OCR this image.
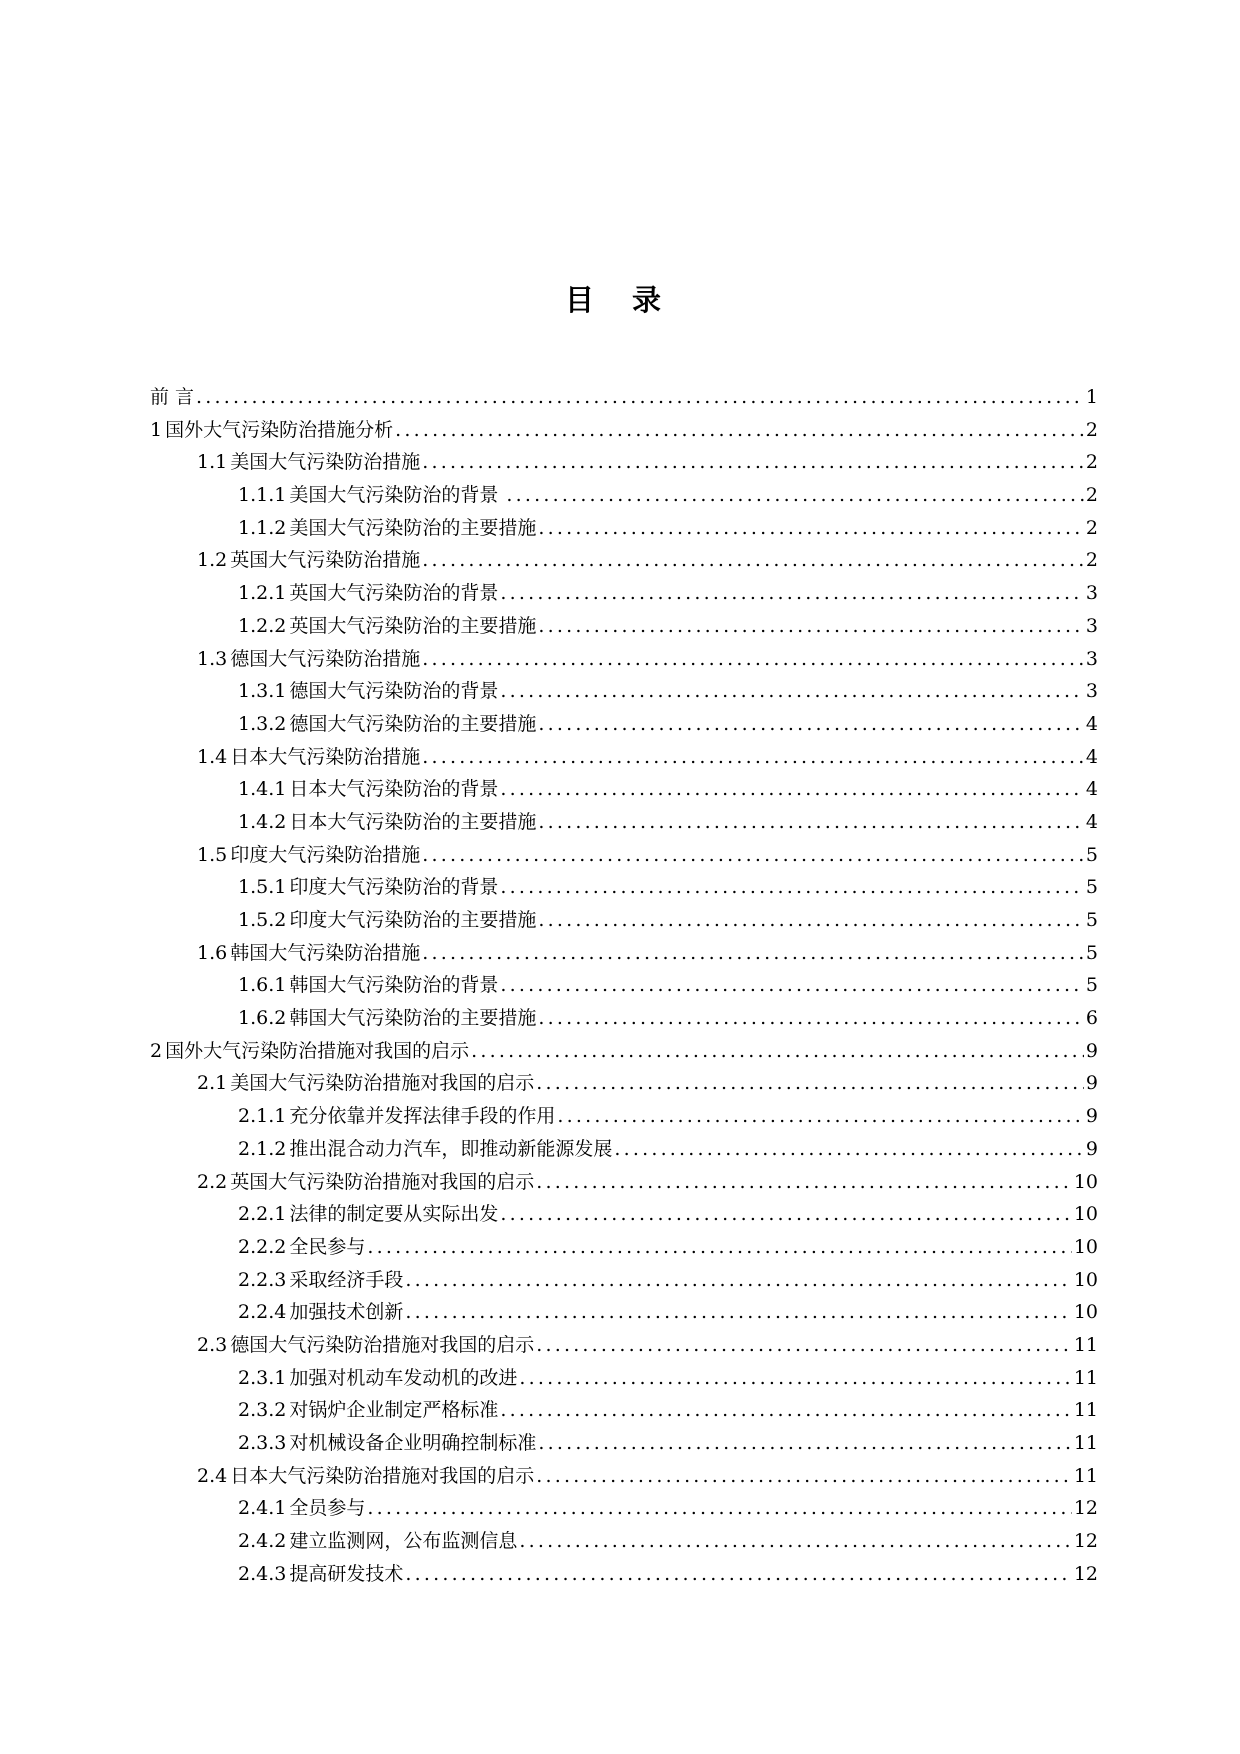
目 录
前 言 .....	1
1 国外大气污染防治措施分析 .....	2
1.1 美国大气污染防治措施 .....	2
1.1.1 美国大气污染防治的背景 .....	2
1.1.2 美国大气污染防治的主要措施 .....	2
1.2 英国大气污染防治措施 .....	2
1.2.1 英国大气污染防治的背景 .....	3
1.2.2 英国大气污染防治的主要措施 .....	3
1.3 德国大气污染防治措施 .....	3
1.3.1 德国大气污染防治的背景 .....	3
1.3.2 德国大气污染防治的主要措施 .....	4
1.4 日本大气污染防治措施 .....	4
1.4.1 日本大气污染防治的背景 .....	4
1.4.2 日本大气污染防治的主要措施 .....	4
1.5 印度大气污染防治措施 .....	5
1.5.1 印度大气污染防治的背景 .....	5
1.5.2 印度大气污染防治的主要措施 .....	5
1.6 韩国大气污染防治措施 .....	5
1.6.1 韩国大气污染防治的背景 .....	5
1.6.2 韩国大气污染防治的主要措施 .....	6
2 国外大气污染防治措施对我国的启示 .....	9
2.1 美国大气污染防治措施对我国的启示 .....	9
2.1.1 充分依靠并发挥法律手段的作用 .....	9
2.1.2 推出混合动力汽车，即推动新能源发展 .....	9
2.2 英国大气污染防治措施对我国的启示 .....	10
2.2.1 法律的制定要从实际出发 .....	10
2.2.2 全民参与 .....	10
2.2.3 采取经济手段 .....	10
2.2.4 加强技术创新 .....	10
2.3 德国大气污染防治措施对我国的启示 .....	11
2.3.1 加强对机动车发动机的改进 .....	11
2.3.2 对锅炉企业制定严格标准 .....	11
2.3.3 对机械设备企业明确控制标准 .....	11
2.4 日本大气污染防治措施对我国的启示 .....	11
2.4.1 全员参与 .....	12
2.4.2 建立监测网，公布监测信息 .....	12
2.4.3 提高研发技术 .....	12
